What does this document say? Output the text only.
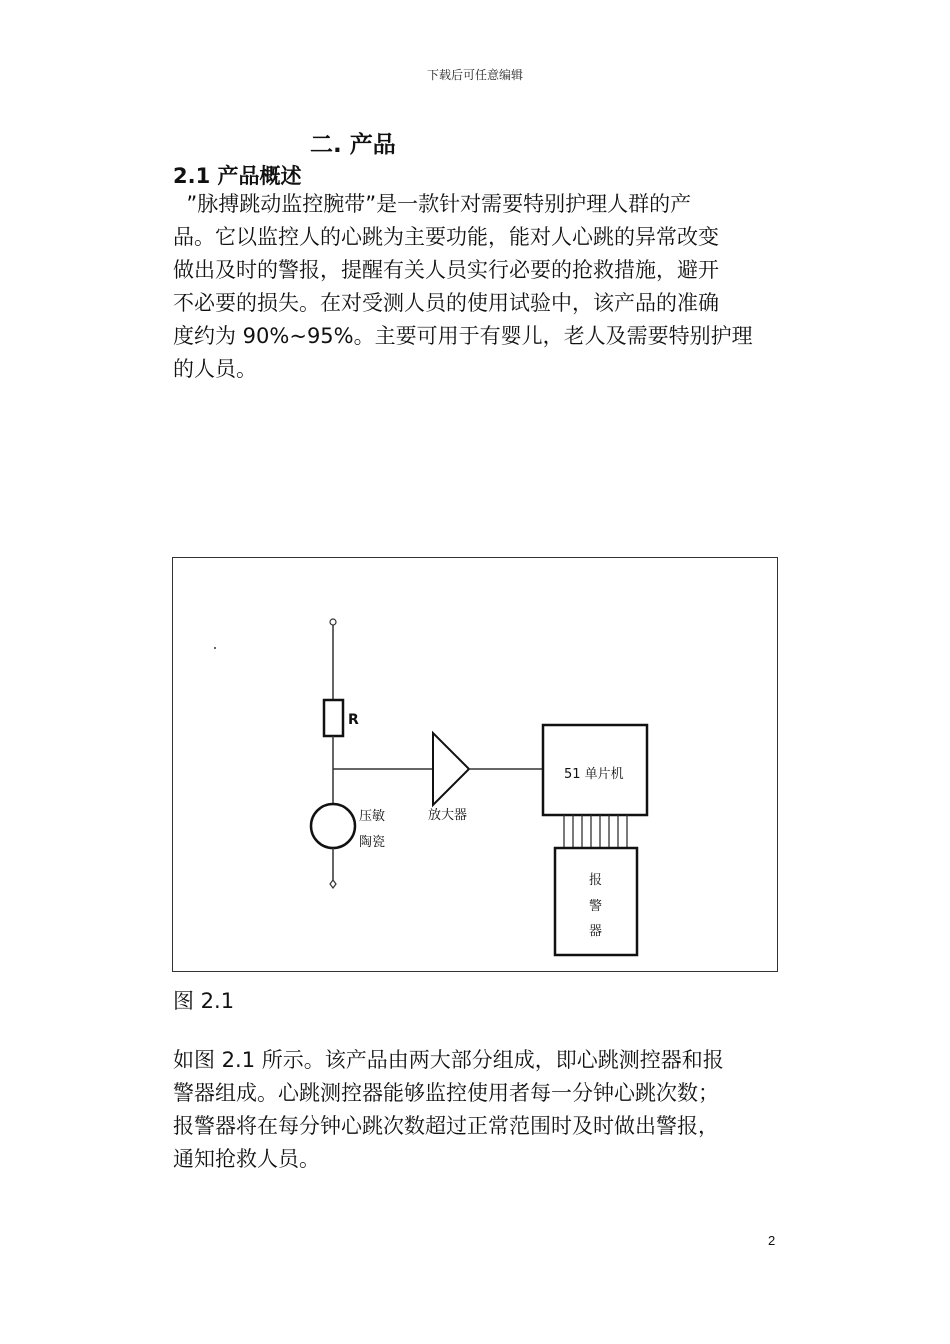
下载后可任意编辑
二. 产品
2.1 产品概述
”脉搏跳动监控腕带”是一款针对需要特别护理人群的产
品。它以监控人的心跳为主要功能，能对人心跳的异常改变
做出及时的警报，提醒有关人员实行必要的抢救措施，避开
不必要的损失。在对受测人员的使用试验中，该产品的准确
度约为 90%~95%。主要可用于有婴儿，老人及需要特别护理
的人员。
R
放大器
压敏
陶瓷
51 单片机
报
警
器
图 2.1
如图 2.1 所示。该产品由两大部分组成，即心跳测控器和报
警器组成。心跳测控器能够监控使用者每一分钟心跳次数；
报警器将在每分钟心跳次数超过正常范围时及时做出警报，
通知抢救人员。
2
